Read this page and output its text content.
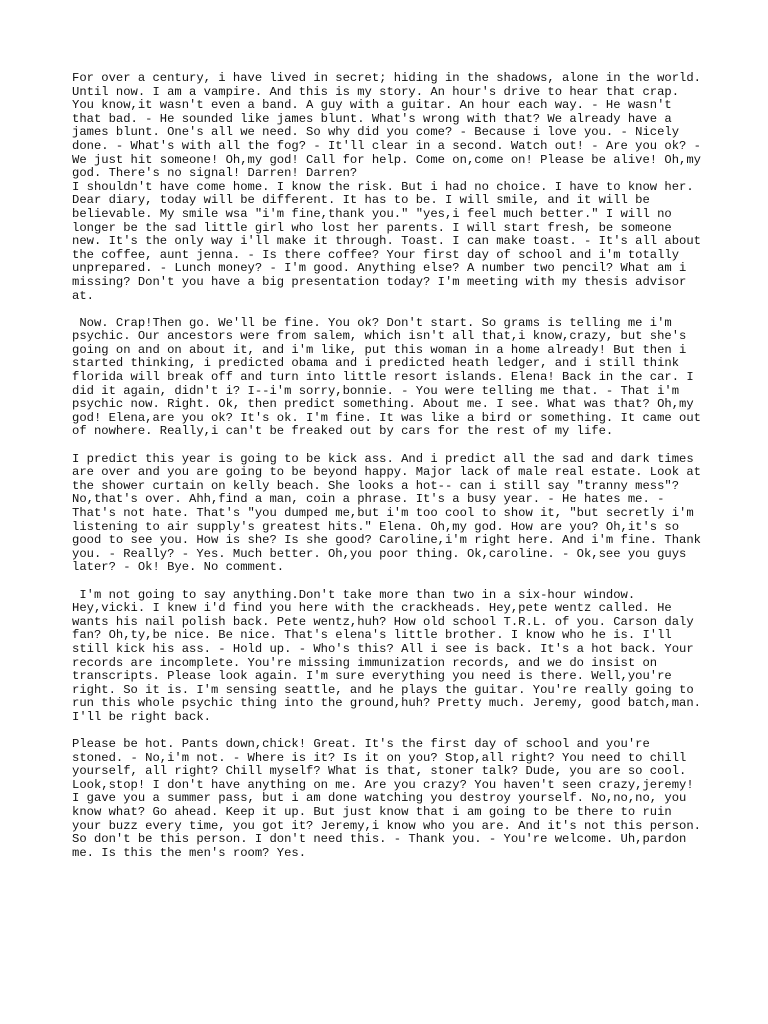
For over a century, i have lived in secret; hiding in the shadows, alone in the world. Until now. I am a vampire. And this is my story. An hour's drive to hear that crap. You know,it wasn't even a band. A guy with a guitar. An hour each way. - He wasn't that bad. - He sounded like james blunt. What's wrong with that? We already have a james blunt. One's all we need. So why did you come? - Because i love you. - Nicely done. - What's with all the fog? - It'll clear in a second. Watch out! - Are you ok? - We just hit someone! Oh,my god! Call for help. Come on,come on! Please be alive! Oh,my god. There's no signal! Darren! Darren?
I shouldn't have come home. I know the risk. But i had no choice. I have to know her. Dear diary, today will be different. It has to be. I will smile, and it will be believable. My smile wsa "i'm fine,thank you." "yes,i feel much better." I will no longer be the sad little girl who lost her parents. I will start fresh, be someone new. It's the only way i'll make it through. Toast. I can make toast. - It's all about the coffee, aunt jenna. - Is there coffee? Your first day of school and i'm totally unprepared. - Lunch money? - I'm good. Anything else? A number two pencil? What am i missing? Don't you have a big presentation today? I'm meeting with my thesis advisor at.

Now. Crap!Then go. We'll be fine. You ok? Don't start. So grams is telling me i'm psychic. Our ancestors were from salem, which isn't all that,i know,crazy, but she's going on and on about it, and i'm like, put this woman in a home already! But then i started thinking, i predicted obama and i predicted heath ledger, and i still think florida will break off and turn into little resort islands. Elena! Back in the car. I did it again, didn't i? I--i'm sorry,bonnie. - You were telling me that. - That i'm psychic now. Right. Ok, then predict something. About me. I see. What was that? Oh,my god! Elena,are you ok? It's ok. I'm fine. It was like a bird or something. It came out of nowhere. Really,i can't be freaked out by cars for the rest of my life.

I predict this year is going to be kick ass. And i predict all the sad and dark times are over and you are going to be beyond happy. Major lack of male real estate. Look at the shower curtain on kelly beach. She looks a hot-- can i still say "tranny mess"? No,that's over. Ahh,find a man, coin a phrase. It's a busy year. - He hates me. - That's not hate. That's "you dumped me,but i'm too cool to show it, "but secretly i'm listening to air supply's greatest hits." Elena. Oh,my god. How are you? Oh,it's so good to see you. How is she? Is she good? Caroline,i'm right here. And i'm fine. Thank you. - Really? - Yes. Much better. Oh,you poor thing. Ok,caroline. - Ok,see you guys later? - Ok! Bye. No comment.

I'm not going to say anything.Don't take more than two in a six-hour window. Hey,vicki. I knew i'd find you here with the crackheads. Hey,pete wentz called. He wants his nail polish back. Pete wentz,huh? How old school T.R.L. of you. Carson daly fan? Oh,ty,be nice. Be nice. That's elena's little brother. I know who he is. I'll still kick his ass. - Hold up. - Who's this? All i see is back. It's a hot back. Your records are incomplete. You're missing immunization records, and we do insist on transcripts. Please look again. I'm sure everything you need is there. Well,you're right. So it is. I'm sensing seattle, and he plays the guitar. You're really going to run this whole psychic thing into the ground,huh? Pretty much. Jeremy, good batch,man. I'll be right back.

Please be hot. Pants down,chick! Great. It's the first day of school and you're stoned. - No,i'm not. - Where is it? Is it on you? Stop,all right? You need to chill yourself, all right? Chill myself? What is that, stoner talk? Dude, you are so cool. Look,stop! I don't have anything on me. Are you crazy? You haven't seen crazy,jeremy! I gave you a summer pass, but i am done watching you destroy yourself. No,no,no, you know what? Go ahead. Keep it up. But just know that i am going to be there to ruin your buzz every time, you got it? Jeremy,i know who you are. And it's not this person. So don't be this person. I don't need this. - Thank you. - You're welcome. Uh,pardon me. Is this the men's room? Yes.
